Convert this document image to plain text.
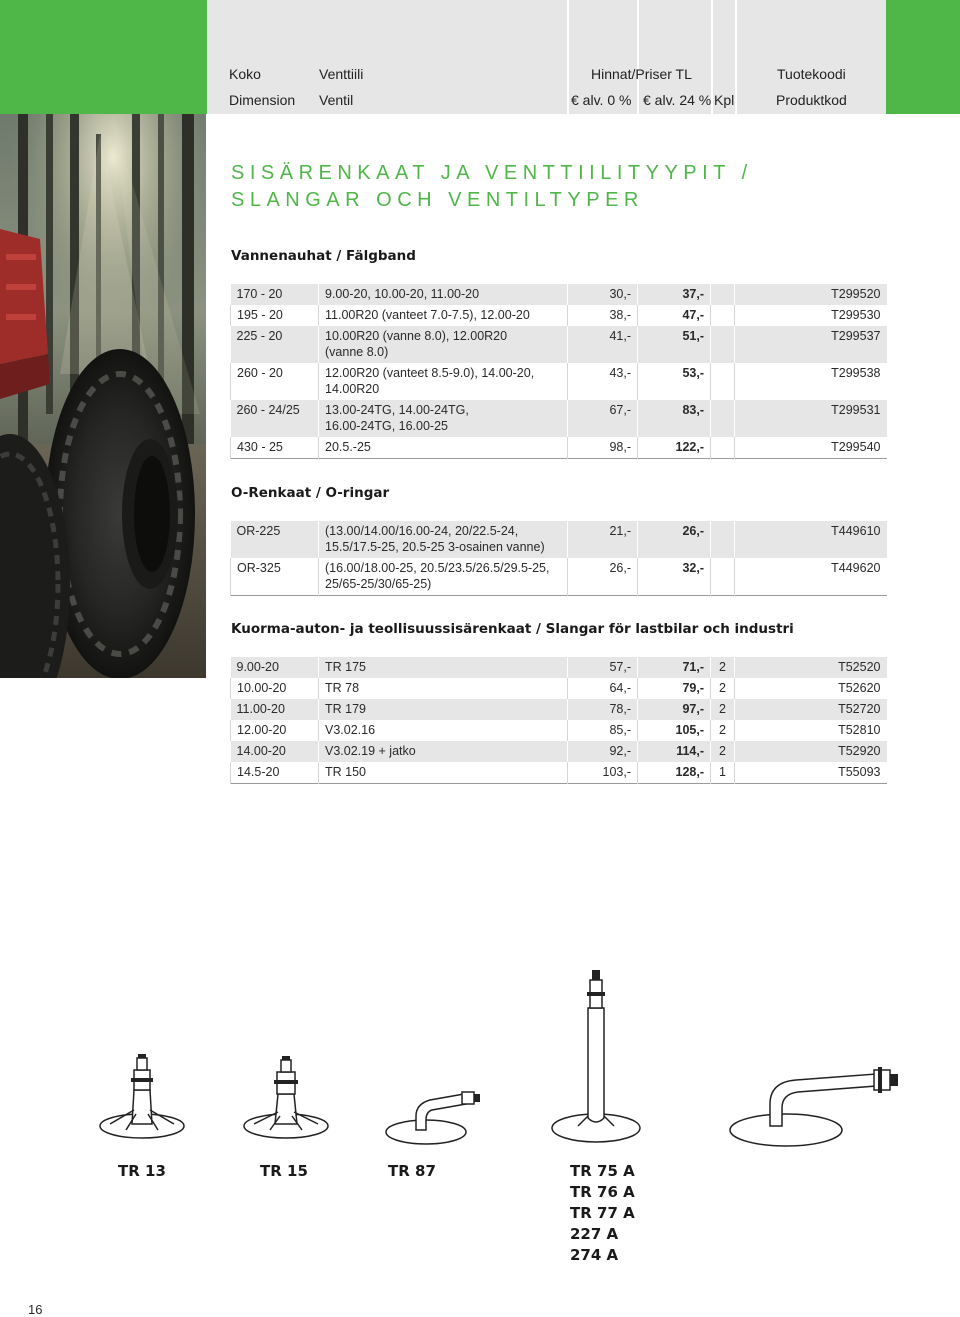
Koko	Venttiili	Hinnat/Priser TL	Tuotekoodi
Dimension Ventil	€ alv. 0 % € alv. 24 % Kpl	Produktkod
SISÄRENKAAT JA VENTTIILITYYPIT /
SLANGAR OCH VENTILTYPER
Vannenauhat / Fälgband
170 - 20	9.00-20, 10.00-20, 11.00-20	30,-	37,-		T299520
195 - 20	11.00R20 (vanteet 7.0-7.5), 12.00-20	38,-	47,-		T299530
225 - 20	10.00R20 (vanne 8.0), 12.00R20
(vanne 8.0)	41,-	51,-		T299537
260 - 20	12.00R20 (vanteet 8.5-9.0), 14.00-20,
14.00R20	43,-	53,-		T299538
260 - 24/25	13.00-24TG, 14.00-24TG,
16.00-24TG, 16.00-25	67,-	83,-		T299531
430 - 25	20.5.-25	98,-	122,-		T299540
O-Renkaat / O-ringar
OR-225	(13.00/14.00/16.00-24, 20/22.5-24,
15.5/17.5-25, 20.5-25 3-osainen vanne)	21,-	26,-		T449610
OR-325	(16.00/18.00-25, 20.5/23.5/26.5/29.5-25,
25/65-25/30/65-25)	26,-	32,-		T449620
Kuorma-auton- ja teollisuussisärenkaat / Slangar för lastbilar och industri
9.00-20	TR 175	57,-	71,-	2	T52520
10.00-20	TR 78	64,-	79,-	2	T52620
11.00-20	TR 179	78,-	97,-	2	T52720
12.00-20	V3.02.16	85,-	105,-	2	T52810
14.00-20	V3.02.19 + jatko	92,-	114,-	2	T52920
14.5-20	TR 150	103,-	128,-	1	T55093
TR 13	TR 15	TR 87	TR 75 A
TR 76 A
TR 77 A
227 A
274 A
16
